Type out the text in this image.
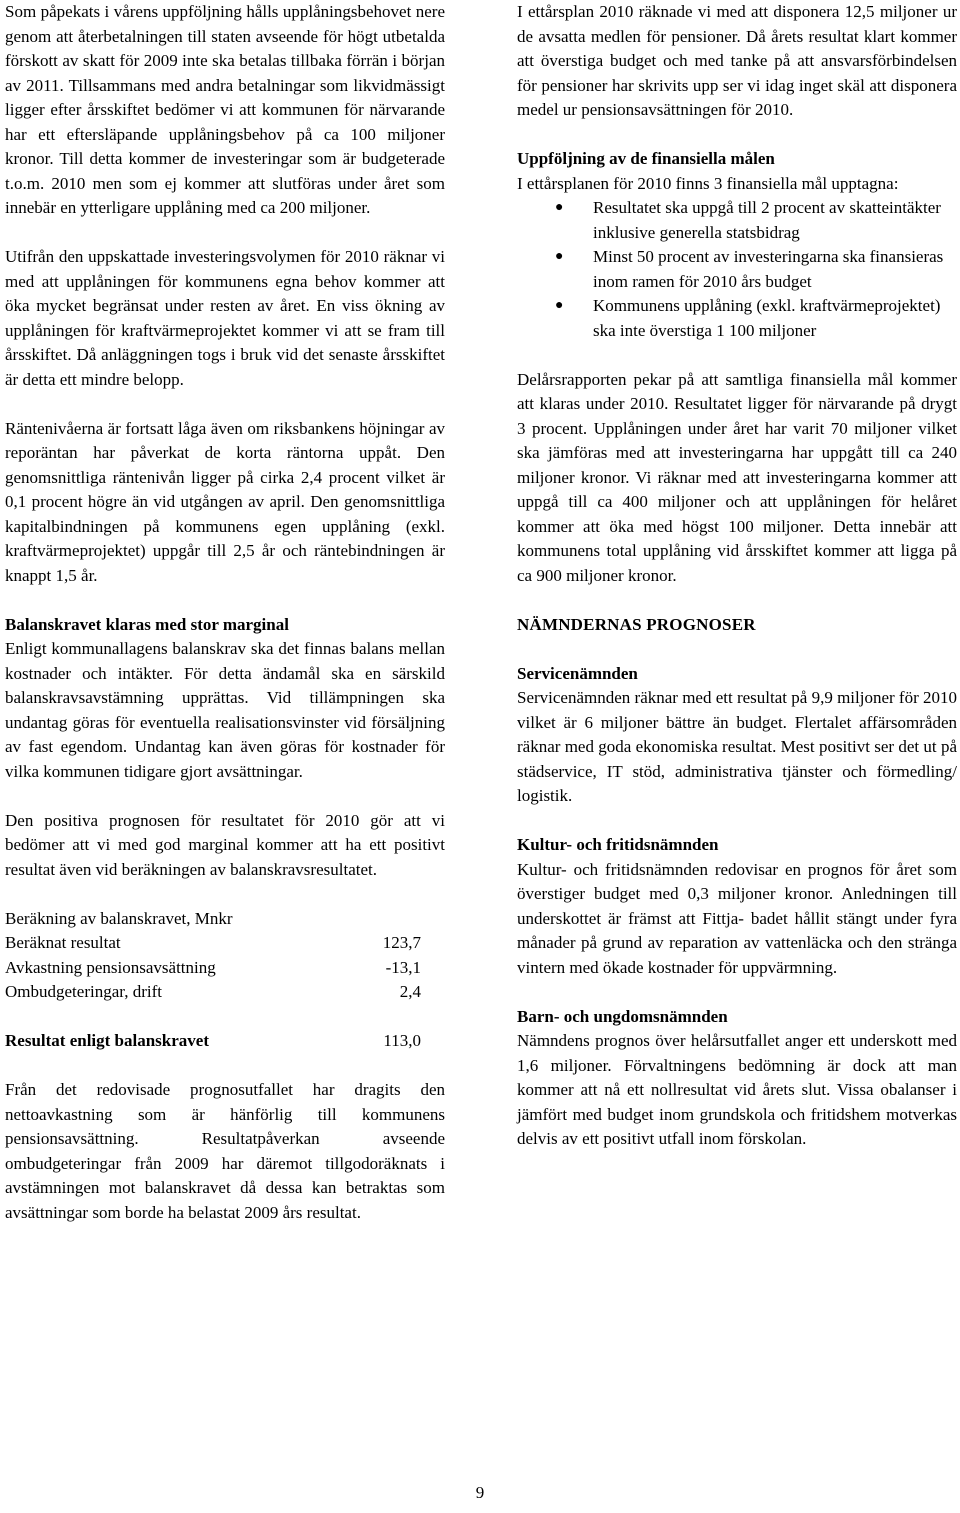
Som påpekats i vårens uppföljning hålls upplåningsbehovet nere genom att återbetalningen till staten avseende för högt utbetalda förskott av skatt för 2009 inte ska betalas tillbaka förrän i början av 2011. Tillsammans med andra betalningar som likvidmässigt ligger efter årsskiftet bedömer vi att kommunen för närvarande har ett eftersläpande upplåningsbehov på ca 100 miljoner kronor. Till detta kommer de investeringar som är budgeterade t.o.m. 2010 men som ej kommer att slutföras under året som innebär en ytterligare upplåning med ca 200 miljoner.

Utifrån den uppskattade investeringsvolymen för 2010 räknar vi med att upplåningen för kommunens egna behov kommer att öka mycket begränsat under resten av året. En viss ökning av upplåningen för kraftvärmeprojektet kommer vi att se fram till årsskiftet. Då anläggningen togs i bruk vid det senaste årsskiftet är detta ett mindre belopp.

Räntenivåerna är fortsatt låga även om riksbankens höjningar av reporäntan har påverkat de korta räntorna uppåt. Den genomsnittliga räntenivån ligger på cirka 2,4 procent vilket är 0,1 procent högre än vid utgången av april. Den genomsnittliga kapitalbindningen på kommunens egen upplåning (exkl. kraftvärmeprojektet) uppgår till 2,5 år och räntebindningen är knappt 1,5 år.

Balanskravet klaras med stor marginal

Enligt kommunallagens balanskrav ska det finnas balans mellan kostnader och intäkter. För detta ändamål ska en särskild balanskravsavstämning upprättas. Vid tillämpningen ska undantag göras för eventuella realisationsvinster vid försäljning av fast egendom. Undantag kan även göras för kostnader för vilka kommunen tidigare gjort avsättningar.

Den positiva prognosen för resultatet för 2010 gör att vi bedömer att vi med god marginal kommer att ha ett positivt resultat även vid beräkningen av balanskravsresultatet.

Beräkning av balanskravet, Mnkr
Beräknat resultat	123,7
Avkastning pensionsavsättning	-13,1
Ombudgeteringar, drift	2,4
Resultat enligt balanskravet	113,0

Från det redovisade prognosutfallet har dragits den nettoavkastning som är hänförlig till kommunens pensionsavsättning. Resultatpåverkan avseende ombudgeteringar från 2009 har däremot tillgodoräknats i avstämningen mot balanskravet då dessa kan betraktas som avsättningar som borde ha belastat 2009 års resultat.

I ettårsplan 2010 räknade vi med att disponera 12,5 miljoner ur de avsatta medlen för pensioner. Då årets resultat klart kommer att överstiga budget och med tanke på att ansvarsförbindelsen för pensioner har skrivits upp ser vi idag inget skäl att disponera medel ur pensionsavsättningen för 2010.

Uppföljning av de finansiella målen

I ettårsplanen för 2010 finns 3 finansiella mål upptagna:

● Resultatet ska uppgå till 2 procent av skatteintäkter inklusive generella statsbidrag
● Minst 50 procent av investeringarna ska finansieras inom ramen för 2010 års budget
● Kommunens upplåning (exkl. kraftvärmeprojektet) ska inte överstiga 1 100 miljoner

Delårsrapporten pekar på att samtliga finansiella mål kommer att klaras under 2010. Resultatet ligger för närvarande på drygt 3 procent. Upplåningen under året har varit 70 miljoner vilket ska jämföras med att investeringarna har uppgått till ca 240 miljoner kronor. Vi räknar med att investeringarna kommer att uppgå till ca 400 miljoner och att upplåningen för helåret kommer att öka med högst 100 miljoner. Detta innebär att kommunens total upplåning vid årsskiftet kommer att ligga på ca 900 miljoner kronor.

NÄMNDERNAS PROGNOSER
Servicenämnden

Servicenämnden räknar med ett resultat på 9,9 miljoner för 2010 vilket är 6 miljoner bättre än budget. Flertalet affärsområden räknar med goda ekonomiska resultat. Mest positivt ser det ut på städservice, IT stöd, administrativa tjänster och förmedling/ logistik.

Kultur- och fritidsnämnden

Kultur- och fritidsnämnden redovisar en prognos för året som överstiger budget med 0,3 miljoner kronor. Anledningen till underskottet är främst att Fittja- badet hållit stängt under fyra månader på grund av reparation av vattenläcka och den stränga vintern med ökade kostnader för uppvärmning.

Barn- och ungdomsnämnden

Nämndens prognos över helårsutfallet anger ett underskott med 1,6 miljoner. Förvaltningens bedömning är dock att man kommer att nå ett nollresultat vid årets slut. Vissa obalanser i jämfört med budget inom grundskola och fritidshem motverkas delvis av ett positivt utfall inom förskolan.

9
